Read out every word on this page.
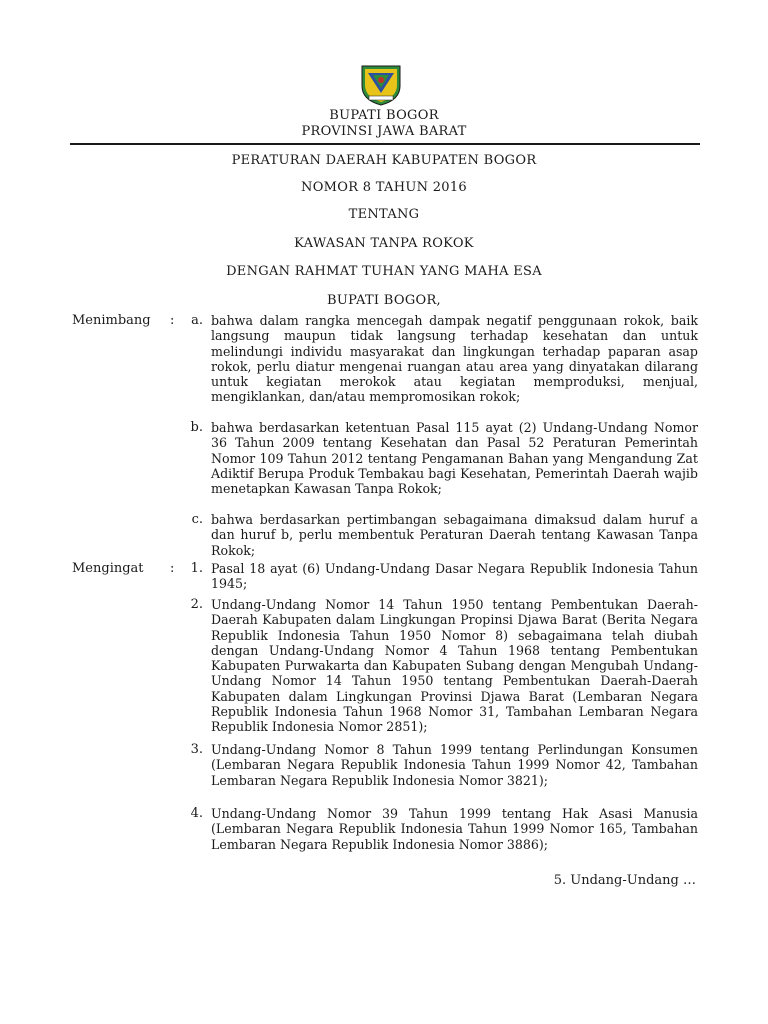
BUPATI BOGOR
PROVINSI JAWA BARAT
PERATURAN DAERAH KABUPATEN BOGOR
NOMOR 8 TAHUN 2016
TENTANG
KAWASAN TANPA ROKOK
DENGAN RAHMAT TUHAN YANG MAHA ESA
BUPATI BOGOR,
Menimbang :	a. bahwa dalam rangka mencegah dampak negatif penggunaan rokok, baik langsung maupun tidak langsung terhadap kesehatan dan untuk melindungi individu masyarakat dan lingkungan terhadap paparan asap rokok, perlu diatur mengenai ruangan atau area yang dinyatakan dilarang untuk kegiatan merokok atau kegiatan memproduksi, menjual, mengiklankan, dan/atau mempromosikan rokok;
b. bahwa berdasarkan ketentuan Pasal 115 ayat (2) Undang-Undang Nomor 36 Tahun 2009 tentang Kesehatan dan Pasal 52 Peraturan Pemerintah Nomor 109 Tahun 2012 tentang Pengamanan Bahan yang Mengandung Zat Adiktif Berupa Produk Tembakau bagi Kesehatan, Pemerintah Daerah wajib menetapkan Kawasan Tanpa Rokok;
c. bahwa berdasarkan pertimbangan sebagaimana dimaksud dalam huruf a dan huruf b, perlu membentuk Peraturan Daerah tentang Kawasan Tanpa Rokok;
Mengingat :	1. Pasal 18 ayat (6) Undang-Undang Dasar Negara Republik Indonesia Tahun 1945;
2. Undang-Undang Nomor 14 Tahun 1950 tentang Pembentukan Daerah-Daerah Kabupaten dalam Lingkungan Propinsi Djawa Barat (Berita Negara Republik Indonesia Tahun 1950 Nomor 8) sebagaimana telah diubah dengan Undang-Undang Nomor 4 Tahun 1968 tentang Pembentukan Kabupaten Purwakarta dan Kabupaten Subang dengan Mengubah Undang-Undang Nomor 14 Tahun 1950 tentang Pembentukan Daerah-Daerah Kabupaten dalam Lingkungan Provinsi Djawa Barat (Lembaran Negara Republik Indonesia Tahun 1968 Nomor 31, Tambahan Lembaran Negara Republik Indonesia Nomor 2851);
3. Undang-Undang Nomor 8 Tahun 1999 tentang Perlindungan Konsumen (Lembaran Negara Republik Indonesia Tahun 1999 Nomor 42, Tambahan Lembaran Negara Republik Indonesia Nomor 3821);
4. Undang-Undang Nomor 39 Tahun 1999 tentang Hak Asasi Manusia (Lembaran Negara Republik Indonesia Tahun 1999 Nomor 165, Tambahan Lembaran Negara Republik Indonesia Nomor 3886);
5. Undang-Undang …
